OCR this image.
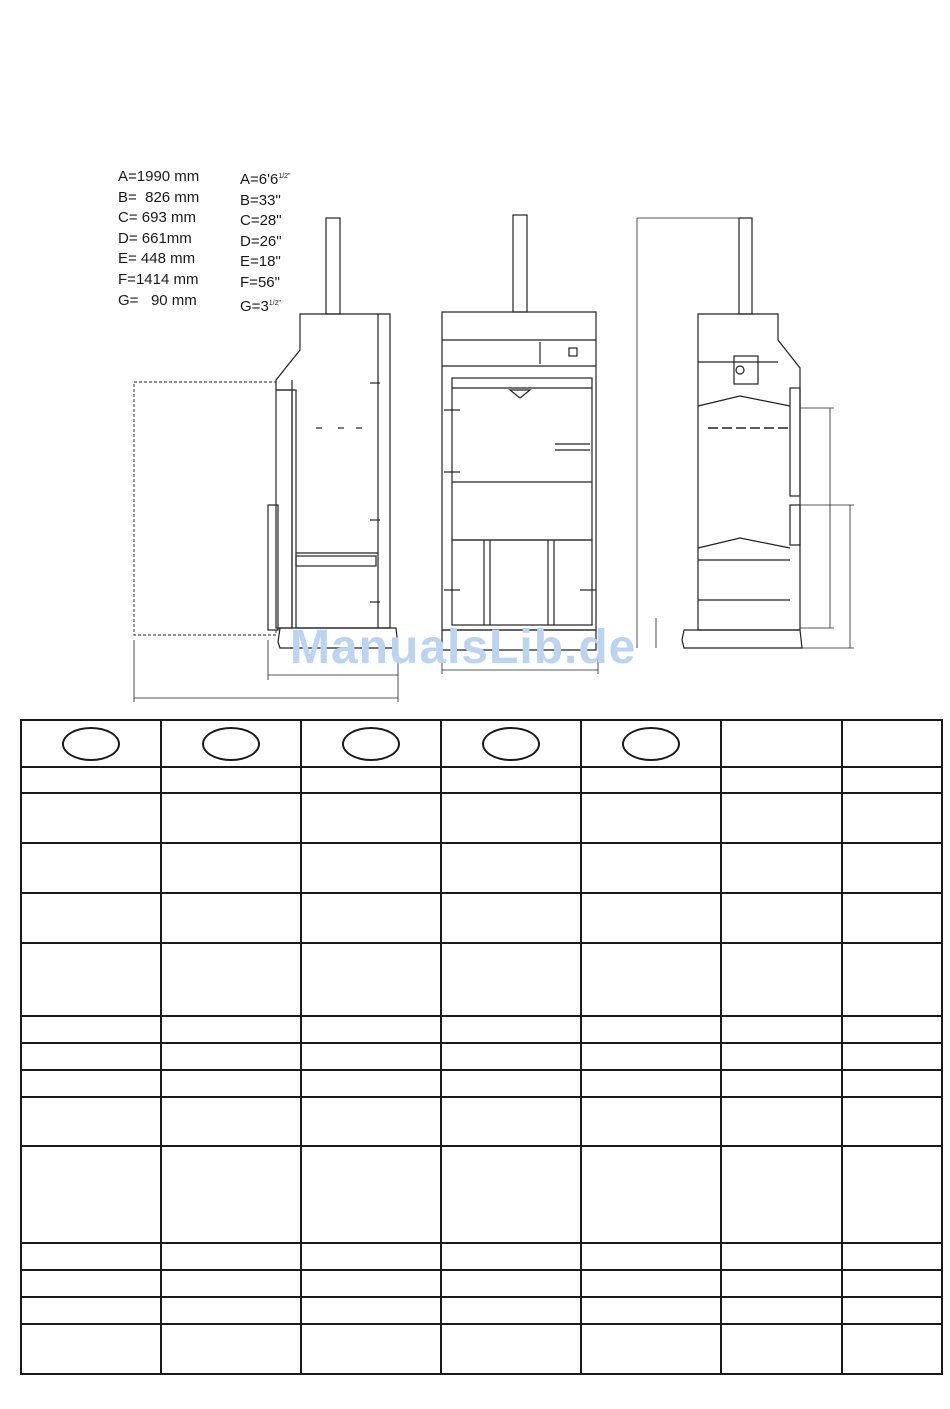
A=1990 mm
B=  826 mm
C= 693 mm
D= 661mm
E= 448 mm
F=1414 mm
G=   90 mm
$A=6'6^{1/2"}$
B=33"
C=28"
D=26"
E=18"
F=56"
$G=3^{1/2"}$
ManualsLib.de
